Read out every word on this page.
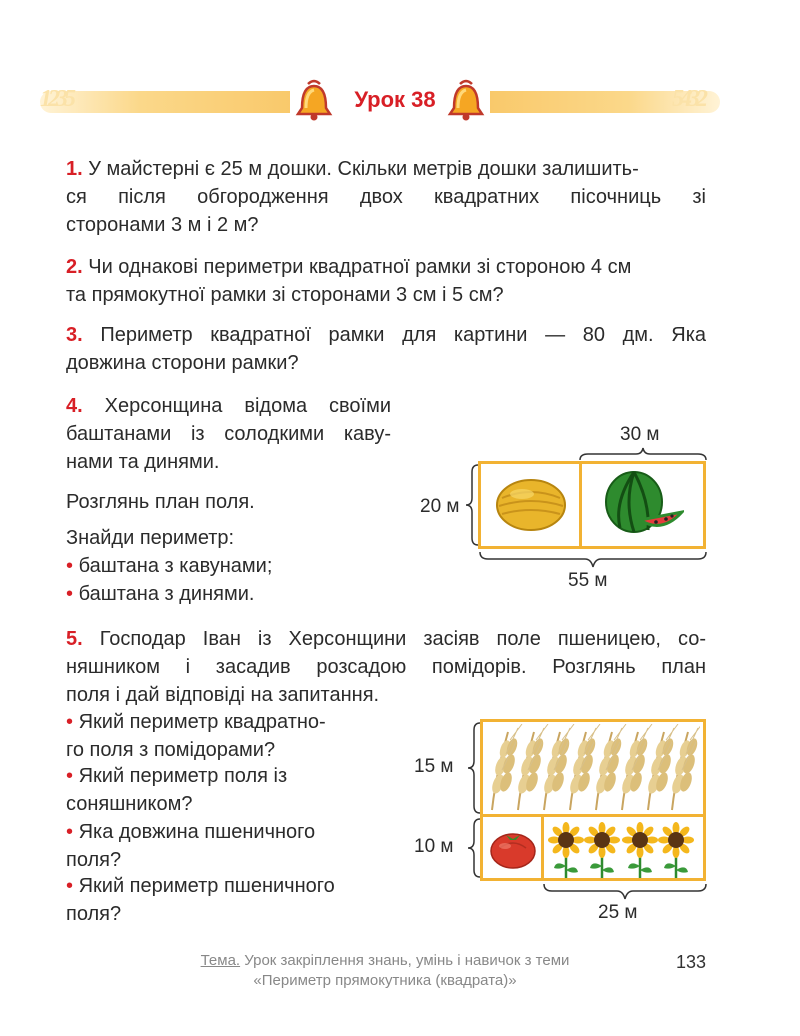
1235	5432
Урок 38
1. У майстерні є 25 м дошки. Скільки метрів дошки залишить-
ся після обгородження двох квадратних пісочниць зі
сторонами 3 м і 2 м?
2. Чи однакові периметри квадратної рамки зі стороною 4 см
та прямокутної рамки зі сторонами 3 см і 5 см?
3. Периметр квадратної рамки для картини — 80 дм. Яка
довжина сторони рамки?
4. Херсонщина відома своїми
баштанами із солодкими каву-
нами та динями.
Розглянь план поля.
Знайди периметр:
• баштана з кавунами;
• баштана з динями.
30 м
20 м
55 м
5. Господар Іван із Херсонщини засіяв поле пшеницею, со-
няшником і засадив розсадою помідорів. Розглянь план
поля і дай відповіді на запитання.
• Який периметр квадратно-
го поля з помідорами?
• Який периметр поля із
соняшником?
• Яка довжина пшеничного
поля?
• Який периметр пшеничного
поля?
15 м
10 м
25 м
Тема. Урок закріплення знань, умінь і навичок з теми
«Периметр прямокутника (квадрата)»
133
